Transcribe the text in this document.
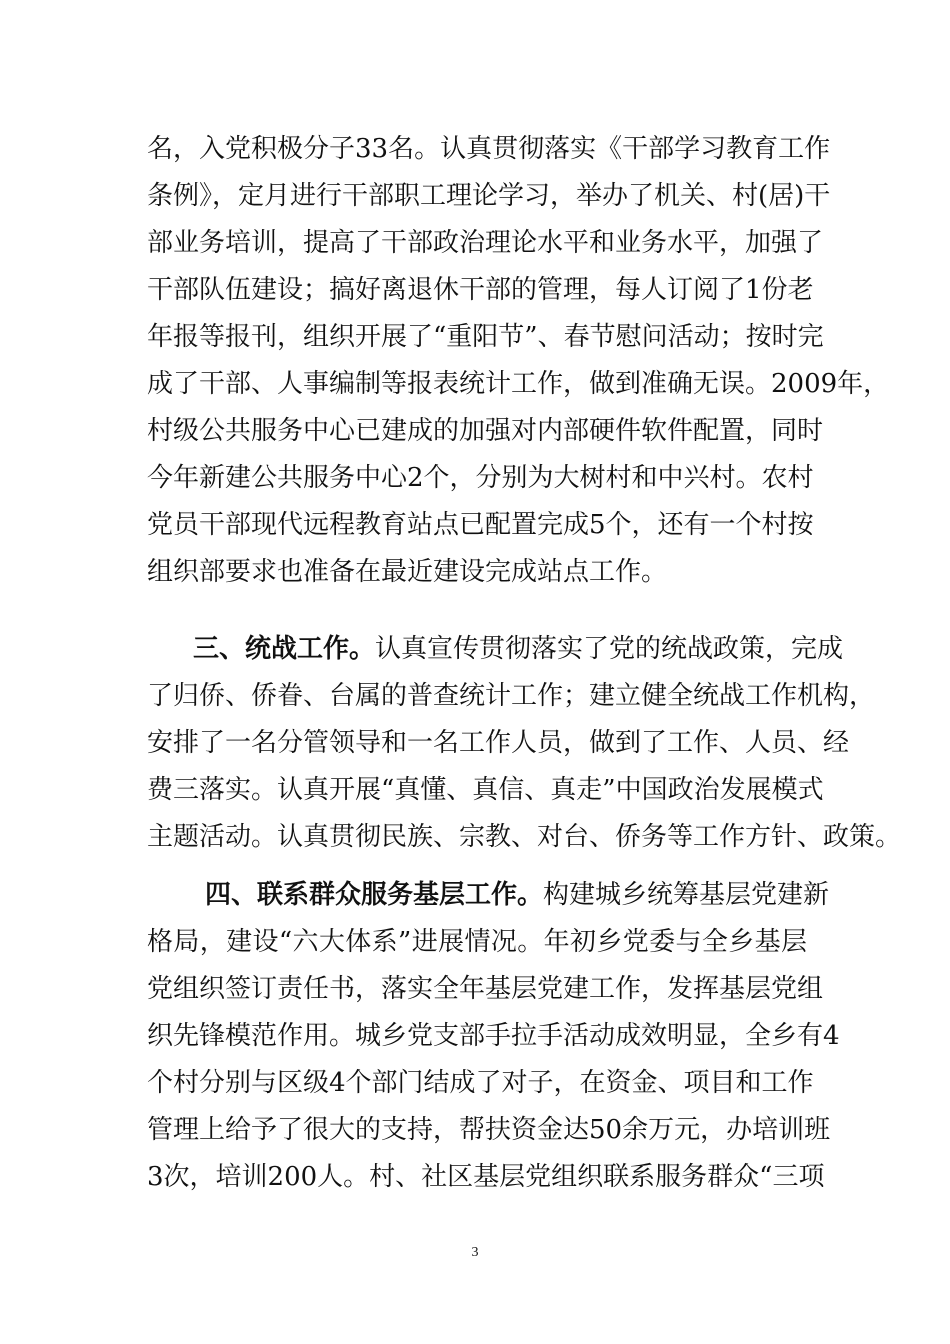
名，入党积极分子33名。认真贯彻落实《干部学习教育工作
条例》，定月进行干部职工理论学习，举办了机关、村(居)干
部业务培训，提高了干部政治理论水平和业务水平，加强了
干部队伍建设；搞好离退休干部的管理，每人订阅了1份老
年报等报刊，组织开展了“重阳节”、春节慰问活动；按时完
成了干部、人事编制等报表统计工作，做到准确无误。2009年，
村级公共服务中心已建成的加强对内部硬件软件配置，同时
今年新建公共服务中心2个，分别为大树村和中兴村。农村
党员干部现代远程教育站点已配置完成5个，还有一个村按
组织部要求也准备在最近建设完成站点工作。
三、统战工作。认真宣传贯彻落实了党的统战政策，完成
了归侨、侨眷、台属的普查统计工作；建立健全统战工作机构，
安排了一名分管领导和一名工作人员，做到了工作、人员、经
费三落实。认真开展“真懂、真信、真走”中国政治发展模式
主题活动。认真贯彻民族、宗教、对台、侨务等工作方针、政策。
四、联系群众服务基层工作。构建城乡统筹基层党建新
格局，建设“六大体系”进展情况。年初乡党委与全乡基层
党组织签订责任书，落实全年基层党建工作，发挥基层党组
织先锋模范作用。城乡党支部手拉手活动成效明显，全乡有4
个村分别与区级4个部门结成了对子，在资金、项目和工作
管理上给予了很大的支持，帮扶资金达50余万元，办培训班
3次，培训200人。村、社区基层党组织联系服务群众“三项
3
